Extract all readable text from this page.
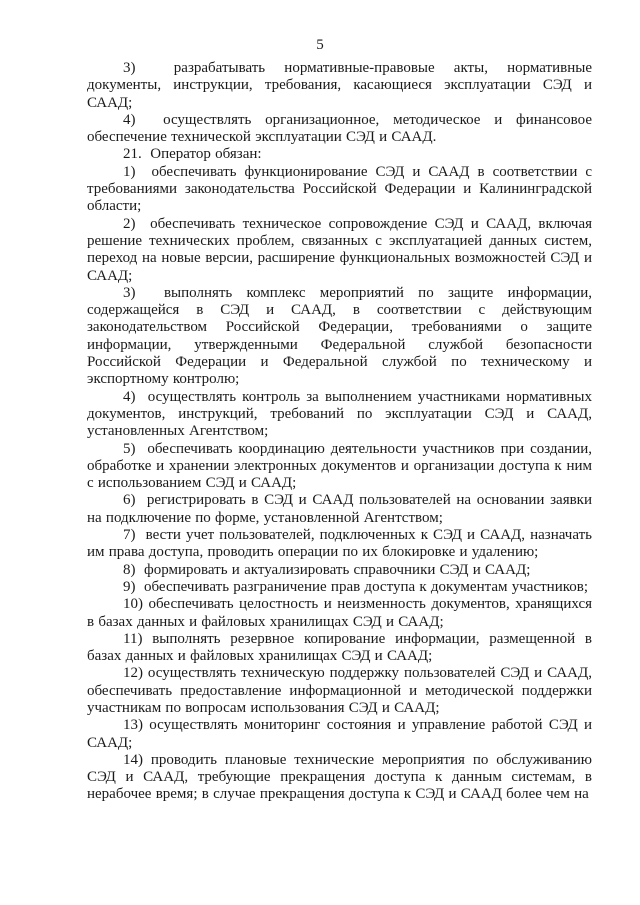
5

3)  разрабатывать нормативные-правовые акты, нормативные документы, инструкции, требования, касающиеся эксплуатации СЭД и СААД;

4)  осуществлять организационное, методическое и финансовое обеспечение технической эксплуатации СЭД и СААД.

21.  Оператор обязан:

1)  обеспечивать функционирование СЭД и СААД в соответствии с требованиями законодательства Российской Федерации и Калининградской области;

2)  обеспечивать техническое сопровождение СЭД и СААД, включая решение технических проблем, связанных с эксплуатацией данных систем, переход на новые версии, расширение функциональных возможностей СЭД и СААД;

3)  выполнять комплекс мероприятий по защите информации, содержащейся в СЭД и СААД, в соответствии с действующим законодательством Российской Федерации, требованиями о защите информации, утвержденными Федеральной службой безопасности Российской Федерации и Федеральной службой по техническому и экспортному контролю;

4)  осуществлять контроль за выполнением участниками нормативных документов, инструкций, требований по эксплуатации СЭД и СААД, установленных Агентством;

5)  обеспечивать координацию деятельности участников при создании, обработке и хранении электронных документов и организации доступа к ним с использованием СЭД и СААД;

6)  регистрировать в СЭД и СААД пользователей на основании заявки на подключение по форме, установленной Агентством;

7)  вести учет пользователей, подключенных к СЭД и СААД, назначать им права доступа, проводить операции по их блокировке и удалению;

8)  формировать и актуализировать справочники СЭД и СААД;

9)  обеспечивать разграничение прав доступа к документам участников;

10) обеспечивать целостность и неизменность документов, хранящихся в базах данных и файловых хранилищах СЭД и СААД;

11) выполнять резервное копирование информации, размещенной в базах данных и файловых хранилищах СЭД и СААД;

12) осуществлять техническую поддержку пользователей СЭД и СААД, обеспечивать предоставление информационной и методической поддержки участникам по вопросам использования СЭД и СААД;

13) осуществлять мониторинг состояния и управление работой СЭД и СААД;

14) проводить плановые технические мероприятия по обслуживанию СЭД и СААД, требующие прекращения доступа к данным системам, в нерабочее время; в случае прекращения доступа к СЭД и СААД более чем на
